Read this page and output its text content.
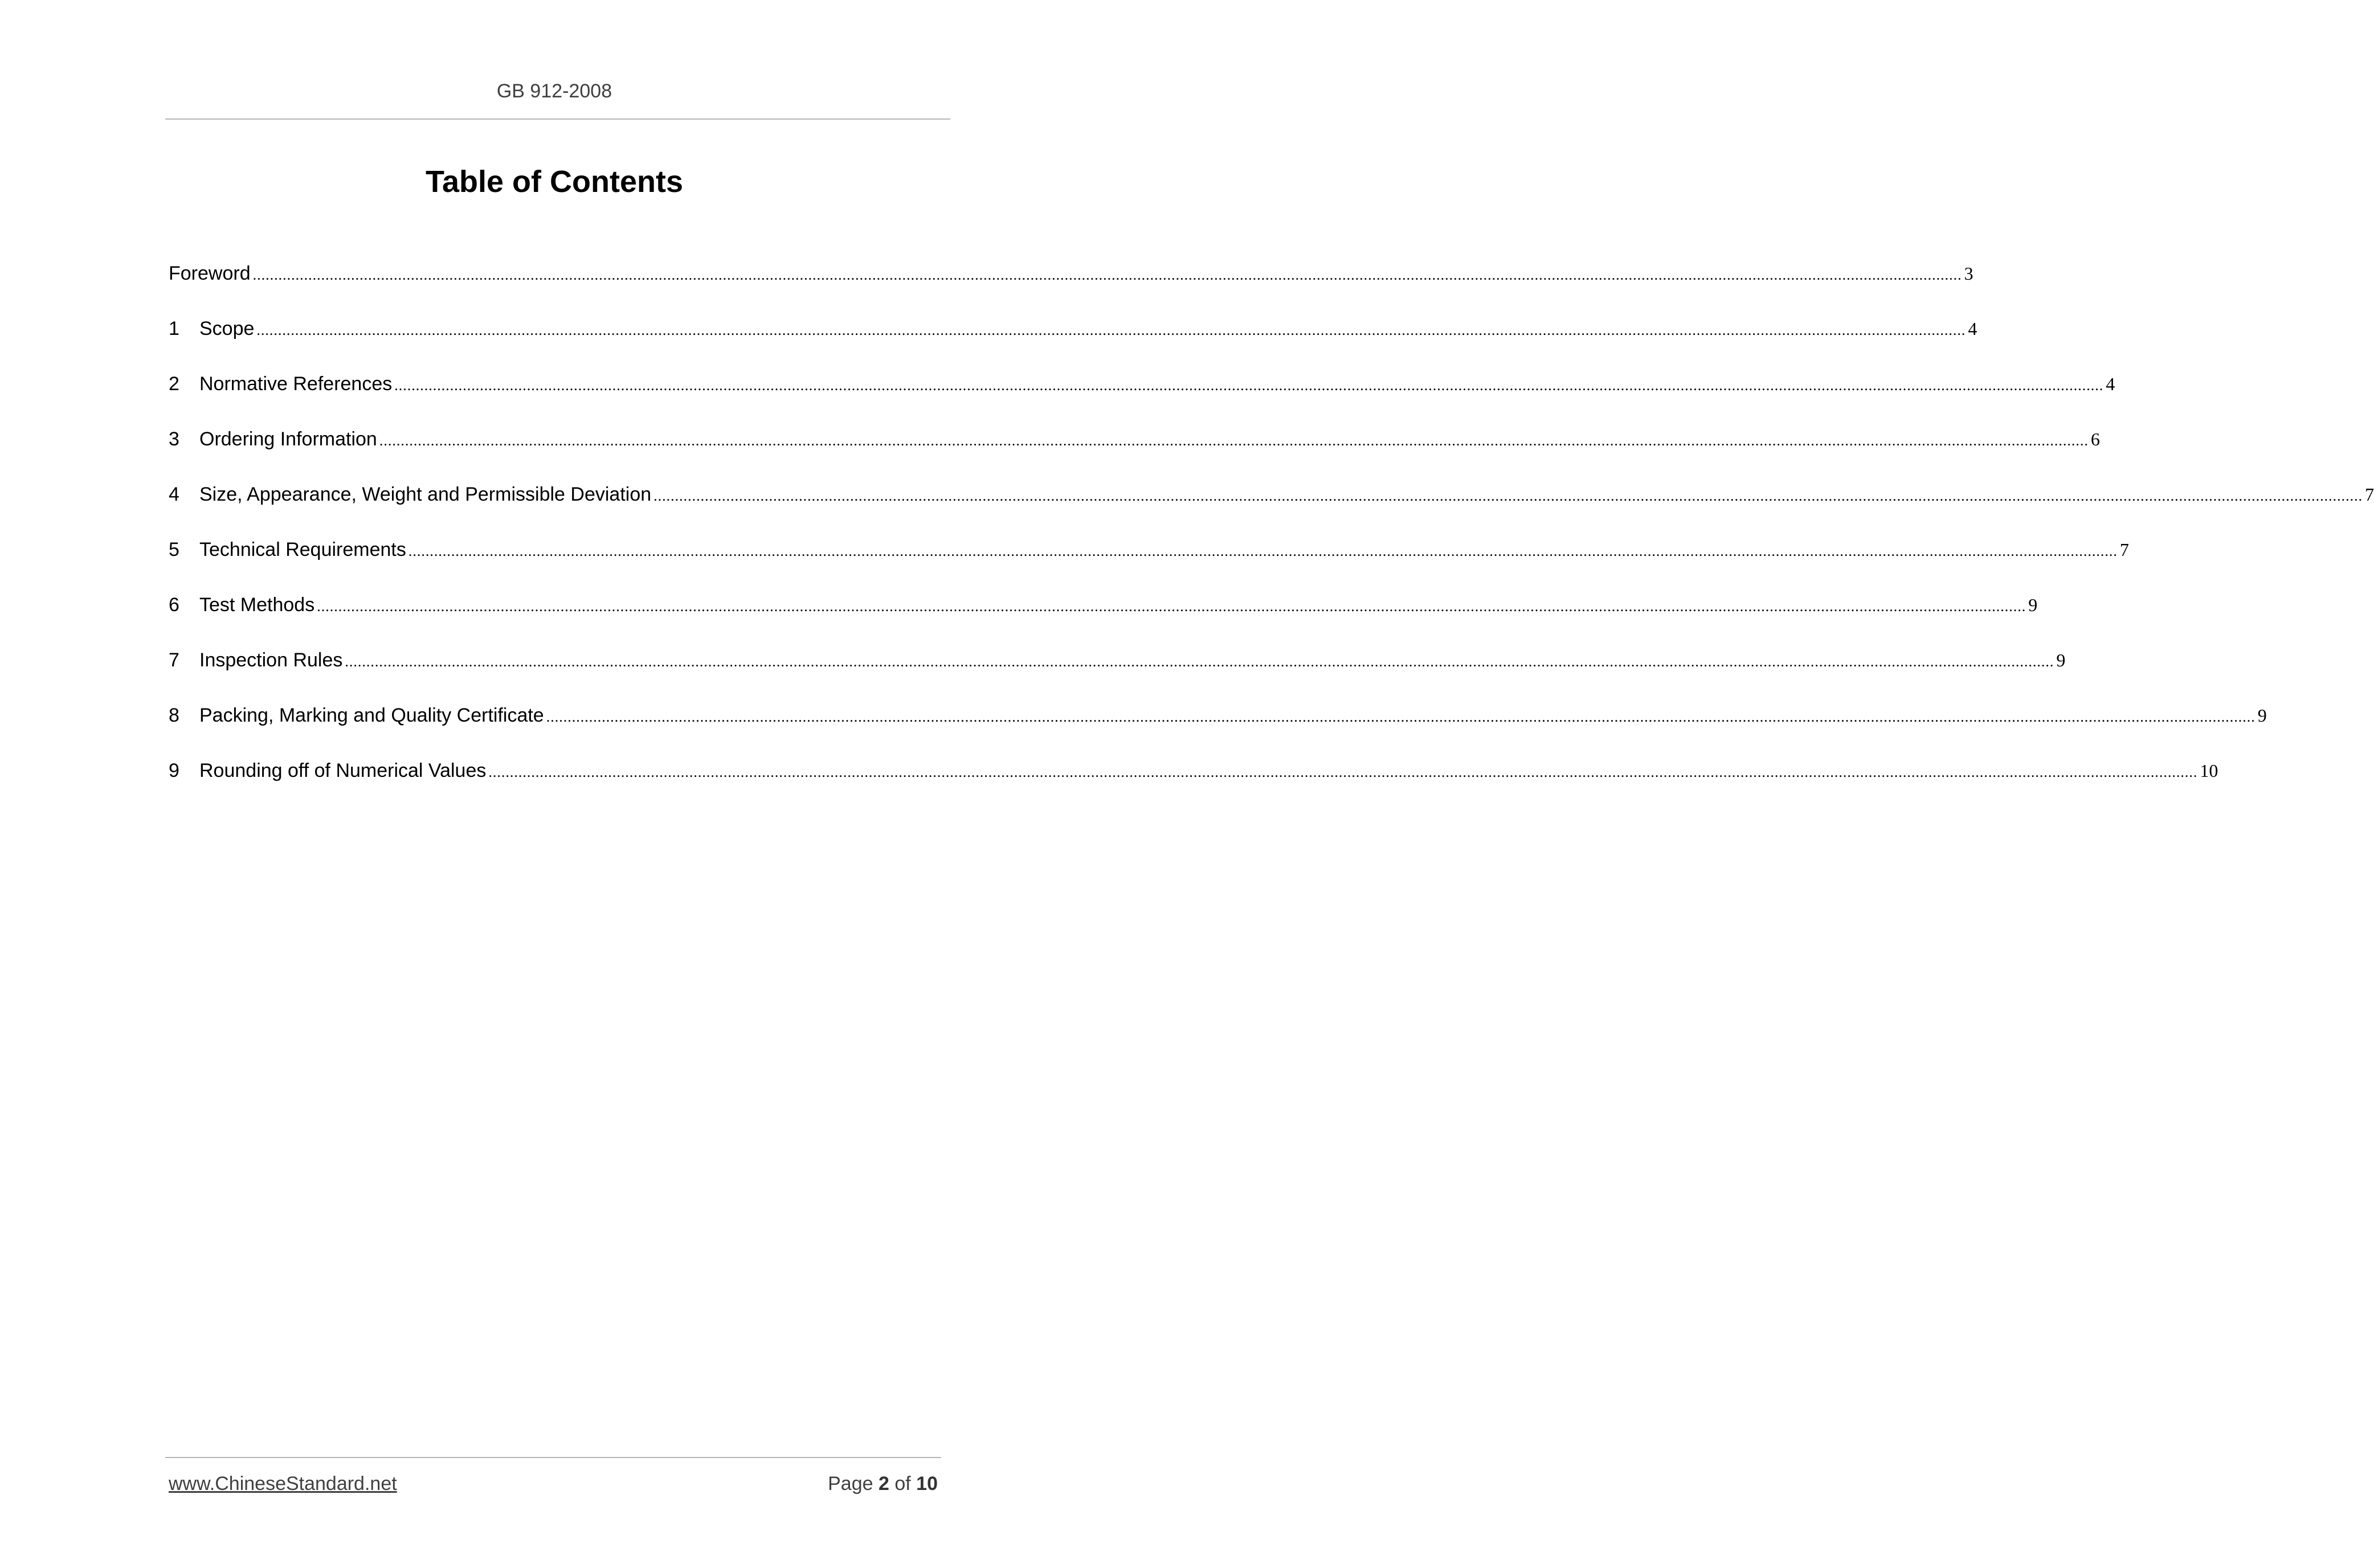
GB 912-2008
Table of Contents
Foreword ................................................................................................................................................................................................................................................................................................................................................................................................................ 3
1	Scope ................................................................................................................................................................................................................................................................................................................................................................................................................ 4
2	Normative References ................................................................................................................................................................................................................................................................................................................................................................................................................ 4
3	Ordering Information ................................................................................................................................................................................................................................................................................................................................................................................................................ 6
4	Size, Appearance, Weight and Permissible Deviation ................................................................................................................................................................................................................................................................................................................................................................................................................ 7
5	Technical Requirements ................................................................................................................................................................................................................................................................................................................................................................................................................ 7
6	Test Methods ................................................................................................................................................................................................................................................................................................................................................................................................................ 9
7	Inspection Rules ................................................................................................................................................................................................................................................................................................................................................................................................................ 9
8	Packing, Marking and Quality Certificate ................................................................................................................................................................................................................................................................................................................................................................................................................ 9
9	Rounding off of Numerical Values ................................................................................................................................................................................................................................................................................................................................................................................................................ 10
www.ChineseStandard.net	Page 2 of 10
